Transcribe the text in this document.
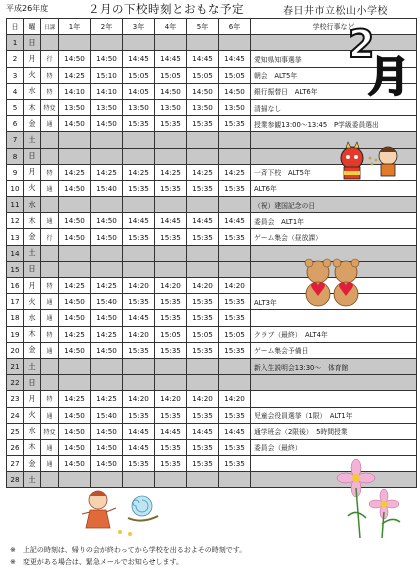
平成26年度	２月の下校時刻とおもな予定	春日井市立松山小学校
日	曜	日課	1年	2年	3年	4年	5年	6年	学校行事など
1	日								
2	月	行	14:50	14:50	14:45	14:45	14:45	14:45	愛知県知事選挙
3	火	特	14:25	15:10	15:05	15:05	15:05	15:05	朝会　ALT5年
4	水	特	14:10	14:10	14:05	14:50	14:50	14:50	銀行振替日　ALT6年
5	木	特変	13:50	13:50	13:50	13:50	13:50	13:50	清掃なし
6	金	通	14:50	14:50	15:35	15:35	15:35	15:35	授業参観13:00〜13:45　P学級委員選出
7	土								
8	日								
9	月	特	14:25	14:25	14:25	14:25	14:25	14:25	一斉下校　ALT5年
10	火	通	14:50	15:40	15:35	15:35	15:35	15:35	ALT6年
11	水								（祝）建国記念の日
12	木	通	14:50	14:50	14:45	14:45	14:45	14:45	委員会　ALT1年
13	金	行	14:50	14:50	15:35	15:35	15:35	15:35	ゲーム集会（昼放課）
14	土								
15	日								
16	月	特	14:25	14:25	14:20	14:20	14:20	14:20	
17	火	通	14:50	15:40	15:35	15:35	15:35	15:35	ALT3年
18	水	通	14:50	14:50	14:45	15:35	15:35	15:35	
19	木	特	14:25	14:25	14:20	15:05	15:05	15:05	クラブ（最終）　ALT4年
20	金	通	14:50	14:50	15:35	15:35	15:35	15:35	ゲーム集会予備日
21	土								新入生説明会13:30〜　体育館
22	日								
23	月	特	14:25	14:25	14:20	14:20	14:20	14:20	
24	火	通	14:50	15:40	15:35	15:35	15:35	15:35	児童会役員選挙（1限）　ALT1年
25	水	特変	14:50	14:50	14:45	14:45	14:45	14:45	通学班会（2限後）　5時間授業
26	木	通	14:50	14:50	14:45	15:35	15:35	15:35	委員会（最終）
27	金	通	14:50	14:50	15:35	15:35	15:35	15:35	
28	土								
2
月
※　上記の時刻は、帰りの会が終わってから学校を出るおよその時刻です。
※　変更がある場合は、緊急メールでお知らせします。
